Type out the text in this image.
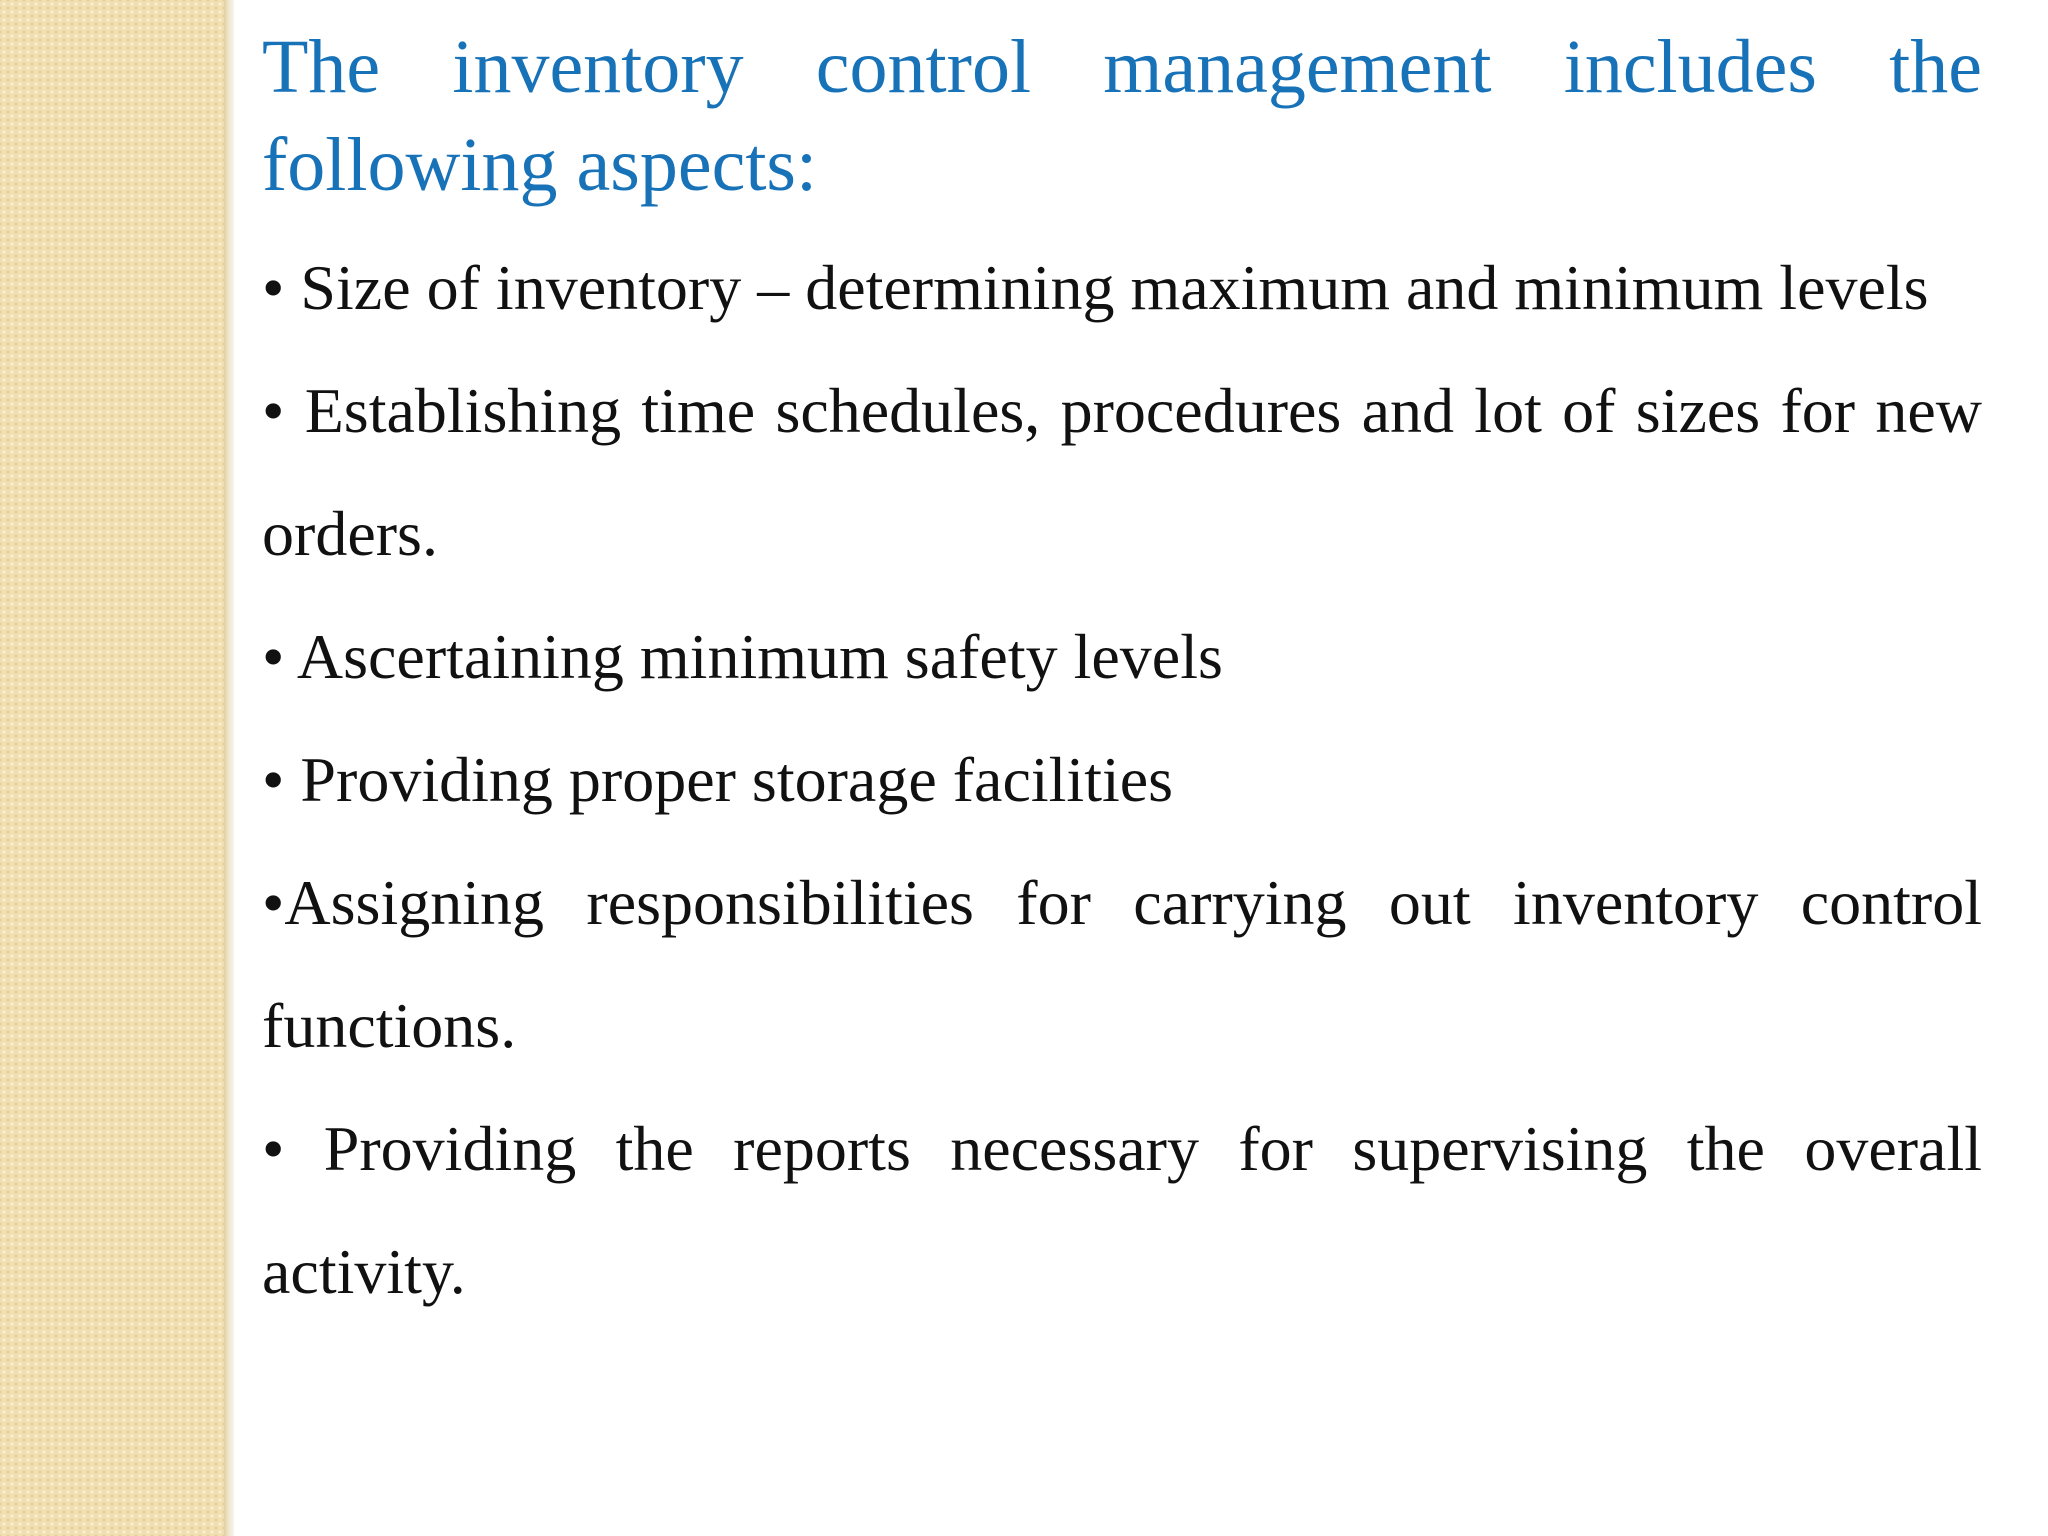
The inventory control management includes the following aspects:
• Size of inventory – determining maximum and minimum levels
• Establishing time schedules, procedures and lot of sizes for new orders.
• Ascertaining minimum safety levels
• Providing proper storage facilities
•Assigning responsibilities for carrying out inventory control functions.
• Providing the reports necessary for supervising the overall activity.
